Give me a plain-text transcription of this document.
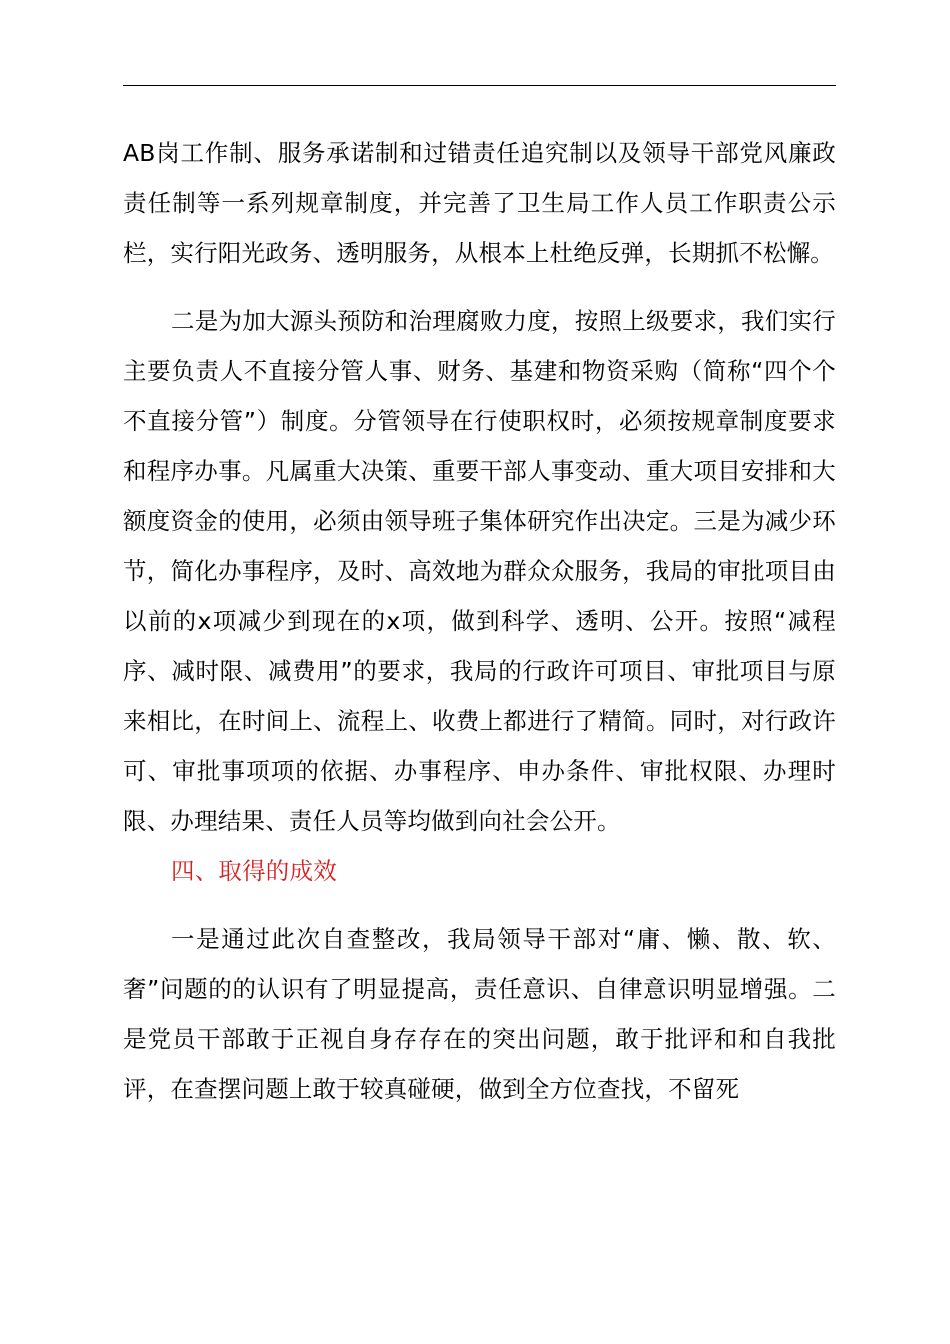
AB岗工作制、服务承诺制和过错责任追究制以及领导干部党风廉政责任制等一系列规章制度，并完善了卫生局工作人员工作职责公示栏，实行阳光政务、透明服务，从根本上杜绝反弹，长期抓不松懈。

二是为加大源头预防和治理腐败力度，按照上级要求，我们实行主要负责人不直接分管人事、财务、基建和物资采购（简称“四个个不直接分管”）制度。分管领导在行使职权时，必须按规章制度要求和程序办事。凡属重大决策、重要干部人事变动、重大项目安排和大额度资金的使用，必须由领导班子集体研究作出决定。三是为减少环节，简化办事程序，及时、高效地为群众众服务，我局的审批项目由以前的x项减少到现在的x项，做到科学、透明、公开。按照“减程序、减时限、减费用”的要求，我局的行政许可项目、审批项目与原来相比，在时间上、流程上、收费上都进行了精简。同时，对行政许可、审批事项项的依据、办事程序、申办条件、审批权限、办理时限、办理结果、责任人员等均做到向社会公开。

四、取得的成效

一是通过此次自查整改，我局领导干部对“庸、懒、散、软、奢”问题的的认识有了明显提高，责任意识、自律意识明显增强。二是党员干部敢于正视自身存存在的突出问题，敢于批评和和自我批评，在查摆问题上敢于较真碰硬，做到全方位查找，不留死
